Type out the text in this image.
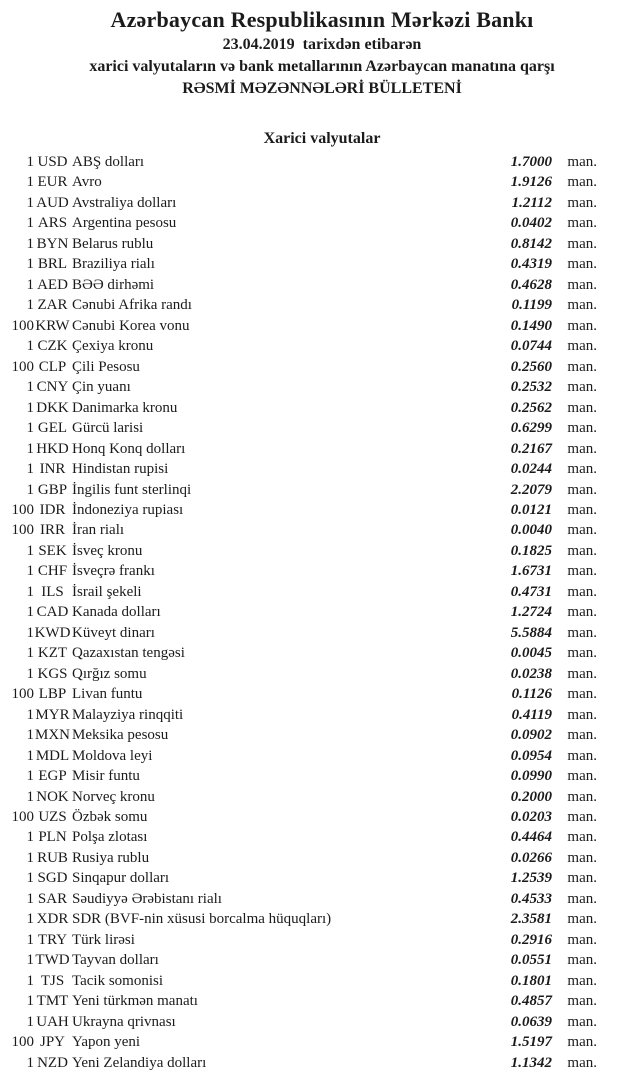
Azərbaycan Respublikasının Mərkəzi Bankı
23.04.2019 tarixdən etibarən
xarici valyutaların və bank metallarının Azərbaycan manatına qarşı
RƏSMİ MƏZƏNNƏLƏRİ BÜLLETENİ
Xarici valyutalar
1 USD ABŞ dolları	1.7000	man.
1 EUR Avro	1.9126	man.
1 AUD Avstraliya dolları	1.2112	man.
1 ARS Argentina pesosu	0.0402	man.
1 BYN Belarus rublu	0.8142	man.
1 BRL Braziliya rialı	0.4319	man.
1 AED BƏƏ dirhəmi	0.4628	man.
1 ZAR Cənubi Afrika randı	0.1199	man.
100 KRW Cənubi Korea vonu	0.1490	man.
1 CZK Çexiya kronu	0.0744	man.
100 CLP Çili Pesosu	0.2560	man.
1 CNY Çin yuanı	0.2532	man.
1 DKK Danimarka kronu	0.2562	man.
1 GEL Gürcü larisi	0.6299	man.
1 HKD Honq Konq dolları	0.2167	man.
1 INR Hindistan rupisi	0.0244	man.
1 GBP İngilis funt sterlinqi	2.2079	man.
100 IDR İndoneziya rupiası	0.0121	man.
100 IRR İran rialı	0.0040	man.
1 SEK İsveç kronu	0.1825	man.
1 CHF İsveçrə frankı	1.6731	man.
1 ILS İsrail şekeli	0.4731	man.
1 CAD Kanada dolları	1.2724	man.
1 KWD Küveyt dinarı	5.5884	man.
1 KZT Qazaxıstan tengəsi	0.0045	man.
1 KGS Qırğız somu	0.0238	man.
100 LBP Livan funtu	0.1126	man.
1 MYR Malayziya rinqqiti	0.4119	man.
1 MXN Meksika pesosu	0.0902	man.
1 MDL Moldova leyi	0.0954	man.
1 EGP Misir funtu	0.0990	man.
1 NOK Norveç kronu	0.2000	man.
100 UZS Özbək somu	0.0203	man.
1 PLN Polşa zlotası	0.4464	man.
1 RUB Rusiya rublu	0.0266	man.
1 SGD Sinqapur dolları	1.2539	man.
1 SAR Səudiyyə Ərəbistanı rialı	0.4533	man.
1 XDR SDR (BVF-nin xüsusi borcalma hüquqları)	2.3581	man.
1 TRY Türk lirəsi	0.2916	man.
1 TWD Tayvan dolları	0.0551	man.
1 TJS Tacik somonisi	0.1801	man.
1 TMT Yeni türkmən manatı	0.4857	man.
1 UAH Ukrayna qrivnası	0.0639	man.
100 JPY Yapon yeni	1.5197	man.
1 NZD Yeni Zelandiya dolları	1.1342	man.
